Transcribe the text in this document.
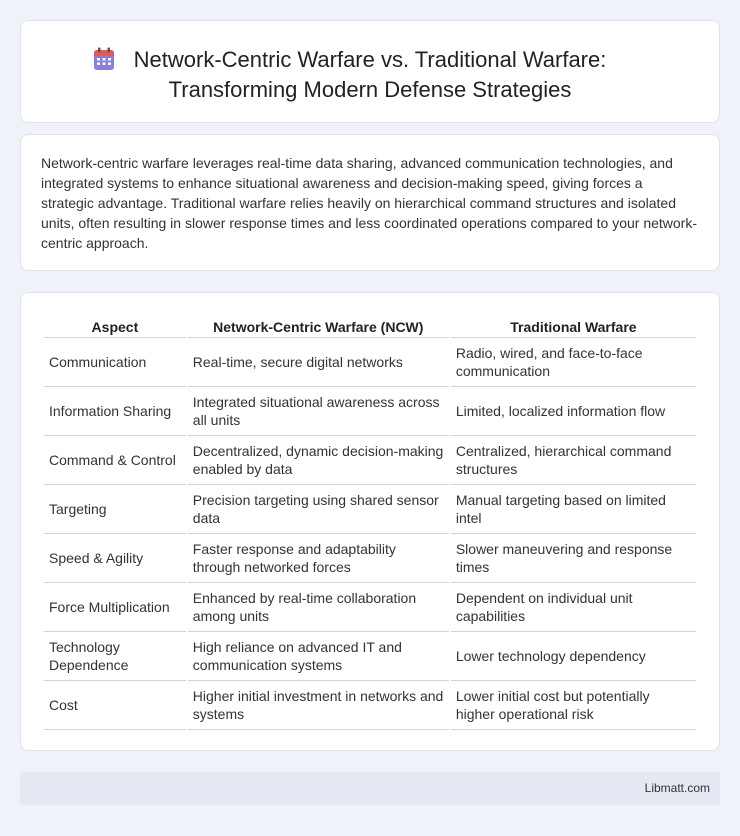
Network-Centric Warfare vs. Traditional Warfare:
Transforming Modern Defense Strategies

Network-centric warfare leverages real-time data sharing, advanced communication technologies, and integrated systems to enhance situational awareness and decision-making speed, giving forces a strategic advantage. Traditional warfare relies heavily on hierarchical command structures and isolated units, often resulting in slower response times and less coordinated operations compared to your network-centric approach.

Aspect	Network-Centric Warfare (NCW)	Traditional Warfare
Communication	Real-time, secure digital networks	Radio, wired, and face-to-face communication
Information Sharing	Integrated situational awareness across all units	Limited, localized information flow
Command & Control	Decentralized, dynamic decision-making enabled by data	Centralized, hierarchical command structures
Targeting	Precision targeting using shared sensor data	Manual targeting based on limited intel
Speed & Agility	Faster response and adaptability through networked forces	Slower maneuvering and response times
Force Multiplication	Enhanced by real-time collaboration among units	Dependent on individual unit capabilities
Technology Dependence	High reliance on advanced IT and communication systems	Lower technology dependency
Cost	Higher initial investment in networks and systems	Lower initial cost but potentially higher operational risk
Libmatt.com
